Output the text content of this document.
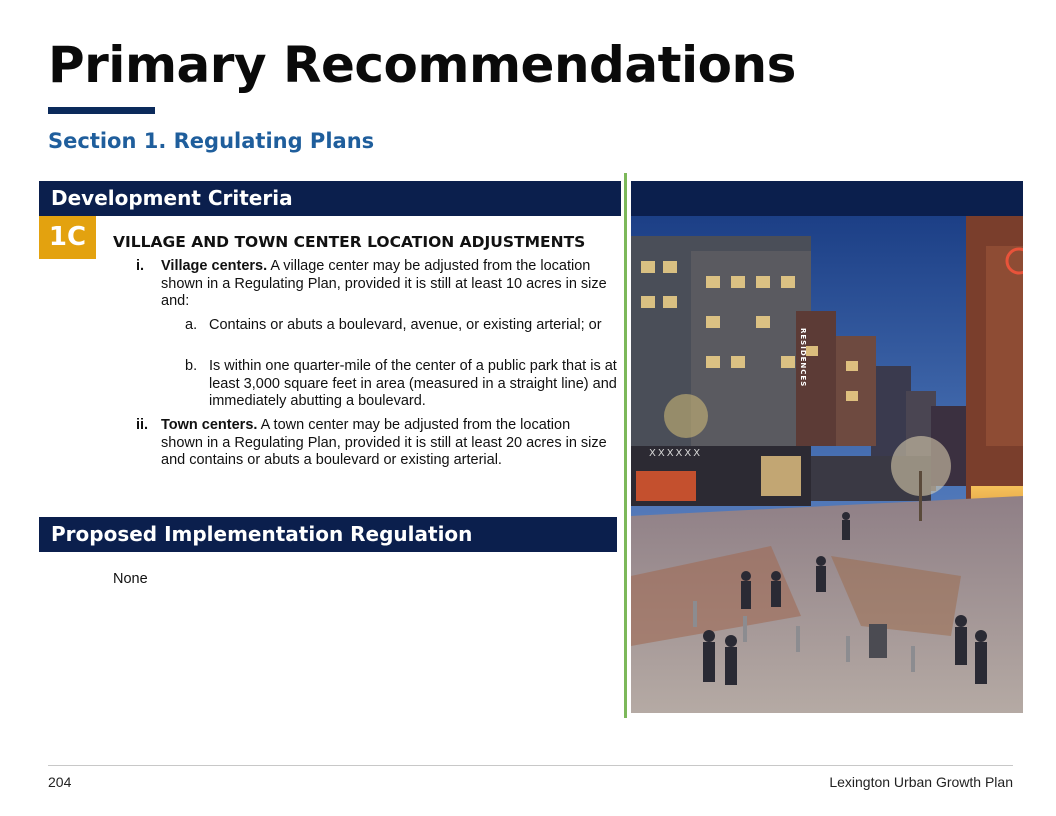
Primary Recommendations
Section 1. Regulating Plans
Development Criteria
1C	VILLAGE AND TOWN CENTER LOCATION ADJUSTMENTS
i. Village centers. A village center may be adjusted from the location shown in a Regulating Plan, provided it is still at least 10 acres in size and:
a. Contains or abuts a boulevard, avenue, or existing arterial; or
b. Is within one quarter-mile of the center of a public park that is at least 3,000 square feet in area (measured in a straight line) and immediately abutting a boulevard.
ii. Town centers. A town center may be adjusted from the location shown in a Regulating Plan, provided it is still at least 20 acres in size and contains or abuts a boulevard or existing arterial.
Proposed Implementation Regulation
None
XXXXXX
RESIDENCES
204	Lexington Urban Growth Plan
